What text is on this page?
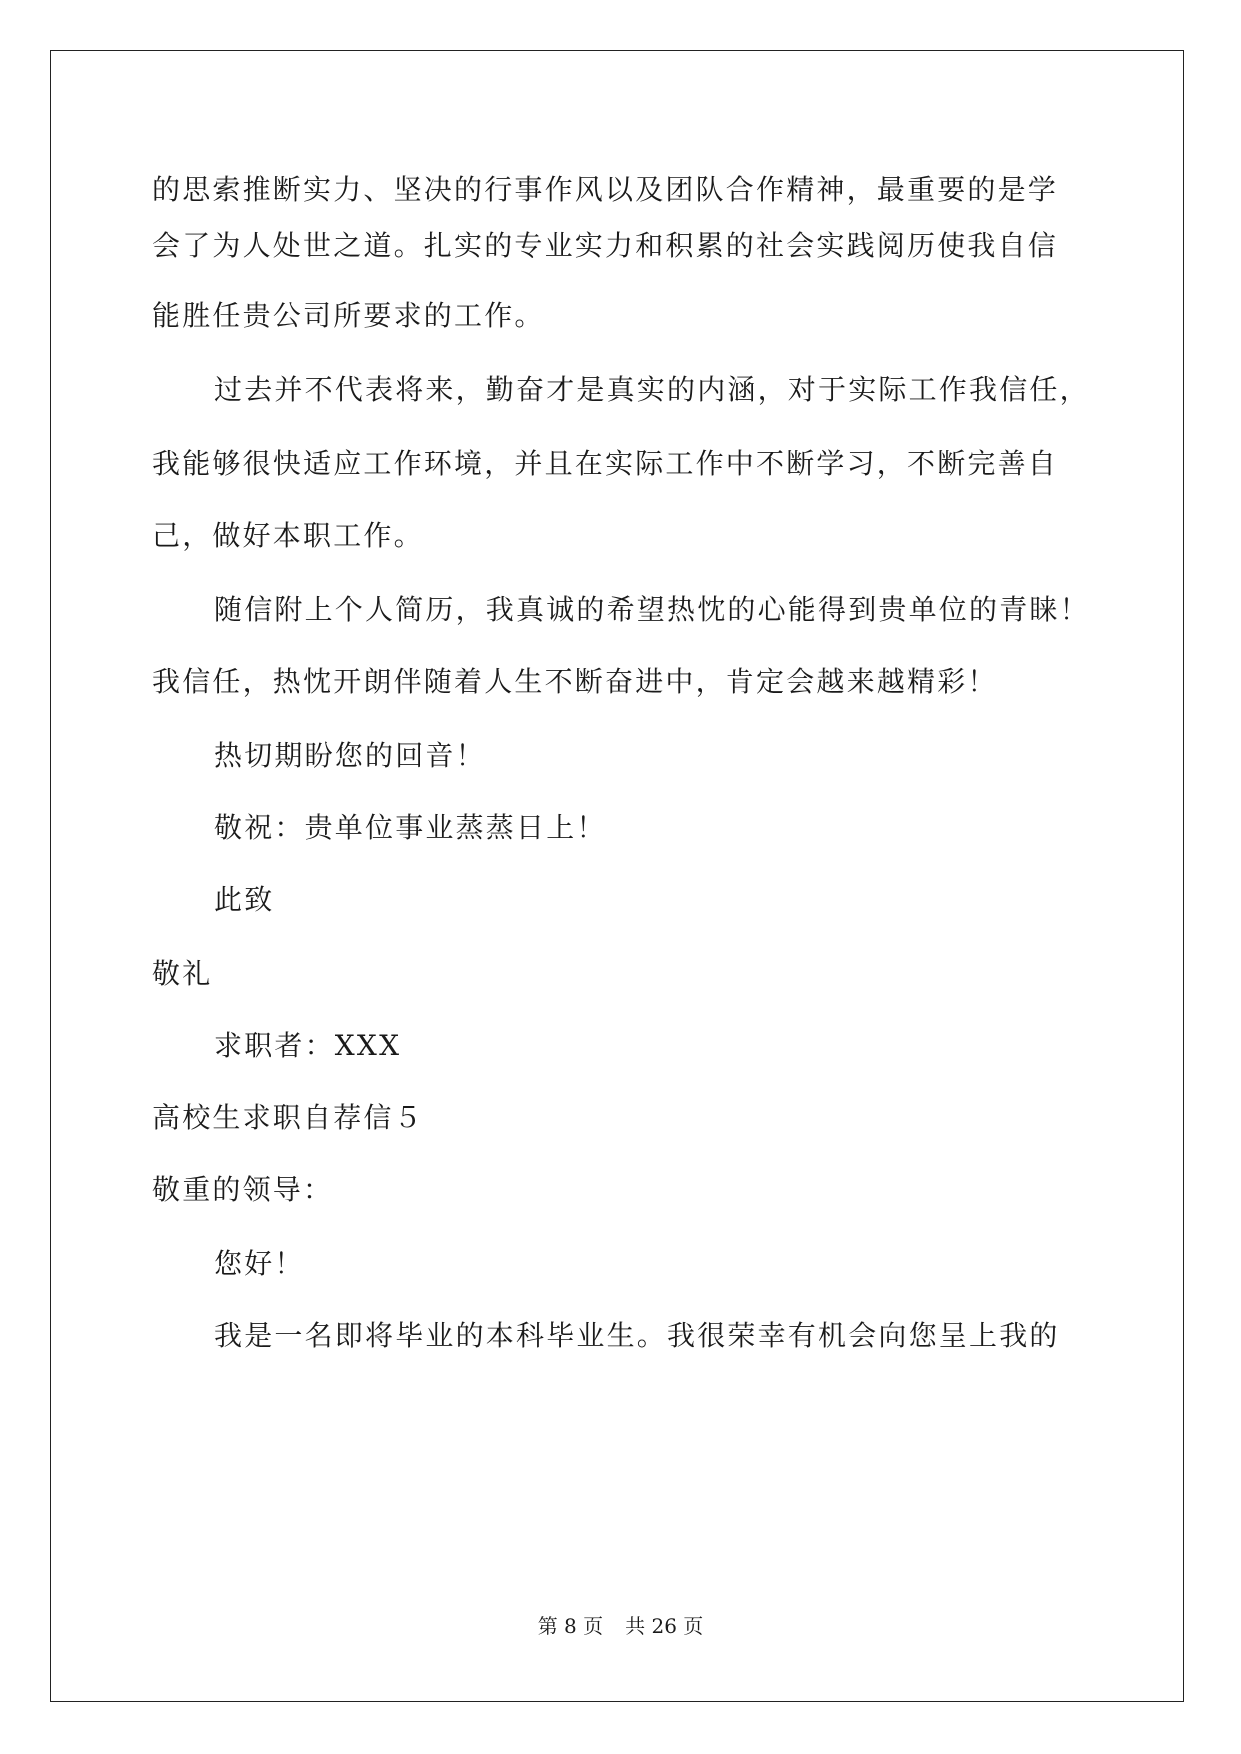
的思索推断实力、坚决的行事作风以及团队合作精神，最重要的是学
会了为人处世之道。扎实的专业实力和积累的社会实践阅历使我自信
能胜任贵公司所要求的工作。
过去并不代表将来，勤奋才是真实的内涵，对于实际工作我信任，
我能够很快适应工作环境，并且在实际工作中不断学习，不断完善自
己，做好本职工作。
随信附上个人简历，我真诚的希望热忱的心能得到贵单位的青睐！
我信任，热忱开朗伴随着人生不断奋进中，肯定会越来越精彩！
热切期盼您的回音！
敬祝：贵单位事业蒸蒸日上！
此致
敬礼
求职者：XXX
高校生求职自荐信５
敬重的领导：
您好！
我是一名即将毕业的本科毕业生。我很荣幸有机会向您呈上我的
第 8 页 共 26 页
